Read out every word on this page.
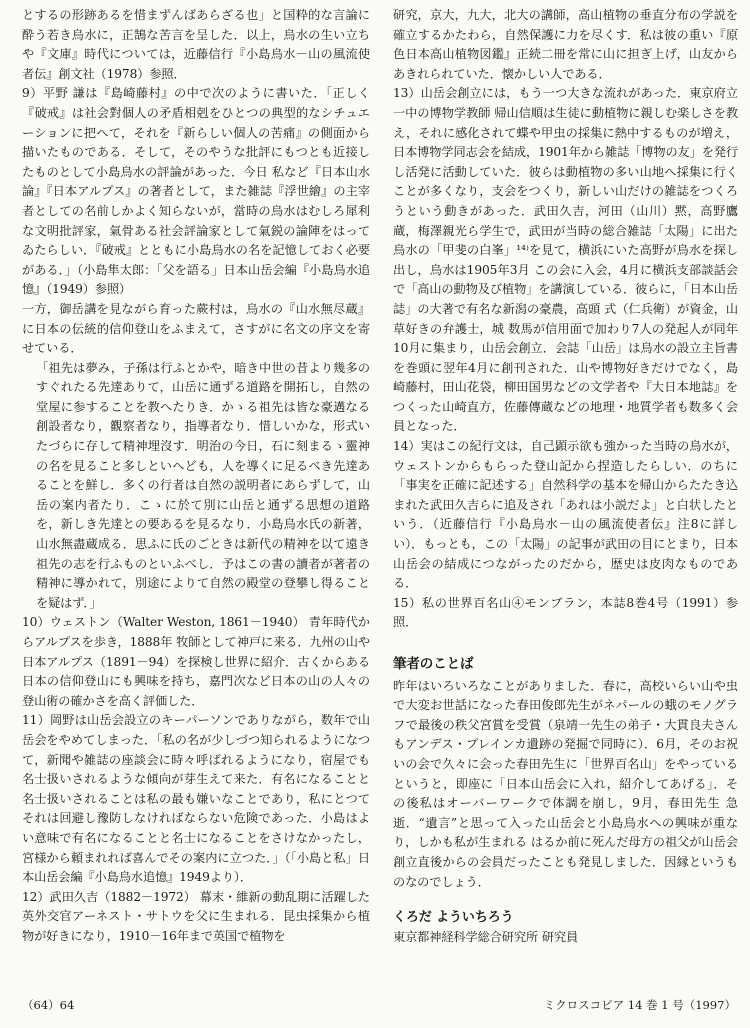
とするの形跡あるを惜まずんばあらざる也」と国粋的な言論に酔う若き烏水に，正鵠な苦言を呈した．以上，烏水の生い立ちや『文庫』時代については，近藤信行『小島烏水－山の風流使者伝』創文社（1978）参照．

9）平野 謙は『島崎藤村』の中で次のように書いた．「正しく『破戒』は社会對個人の矛盾相剋をひとつの典型的なシチュエーションに把へて，それを『新らしい個人の苦痛』の側面から描いたものである．そして，そのやうな批評にもつとも近接したものとして小島烏水の評論があった．今日 私など『日本山水論』『日本アルプス』の著者として，また雑誌『浮世繪』の主宰者としての名前しかよく知らないが，當時の烏水はむしろ犀利な文明批評家，氣骨ある社会評論家として氣鋭の論陣をはってゐたらしい．『破戒』とともに小島烏水の名を記憶しておく必要がある．」（小島隼太郎：「父を語る」日本山岳会編『小島烏水追憶』（1949）参照）

一方，御岳講を見ながら育った蕨村は，烏水の『山水無尽蔵』に日本の伝統的信仰登山をふまえて，さすがに名文の序文を寄せている．

「祖先は夢み，子孫は行ふとかや，暗き中世の昔より幾多のすぐれたる先達ありて，山岳に通ずる道路を開拓し，自然の堂屋に参することを教へたりき．かゝる祖先は皆な豪邁なる創設者なり，觀察者なり，指導者なり．惜しいかな，形式いたづらに存して精神埋沒す．明治の今日，石に刻まるゝ靈神の名を見ること多しといへども，人を導くに足るべき先達あることを鮮し．多くの行者は自然の説明者にあらずして，山岳の案内者たり．こゝに於て別に山岳と通ずる思想の道路を，新しき先達との要あるを見るなり．小島烏水氏の新著，山水無盡蔵成る．思ふに氏のごときは新代の精神を以て遠き祖先の志を行ふものといふべし．予はこの書の讀者が著者の精神に導かれて，別途によりて自然の殿堂の登攀し得ることを疑はず．」

10）ウェストン（Walter Weston, 1861－1940） 青年時代からアルプスを歩き，1888年 牧師として神戸に来る．九州の山や日本アルプス（1891－94）を探検し世界に紹介．古くからある日本の信仰登山にも興味を持ち，嘉門次など日本の山の人々の登山術の確かさを高く評価した．

11）岡野は山岳会設立のキーパーソンでありながら，数年で山岳会をやめてしまった．「私の名が少しづつ知られるようになつて，新聞や雑誌の座談会に時々呼ばれるようになり，宿屋でも名士扱いされるような傾向が芽生えて来た．有名になることと名士扱いされることは私の最も嫌いなことであり，私にとつてそれは回避し豫防しなければならない危険であった．小島はよい意味で有名になることと名士になることをさけなかったし，宮様から頼まれれば喜んでその案内に立つた．」（「小島と私」日本山岳会編『小島烏水追憶』1949より）．

12）武田久吉（1882－1972） 幕末・維新の動乱期に活躍した英外交官アーネスト・サトウを父に生まれる．昆虫採集から植物が好きになり，1910－16年まで英国で植物を

研究，京大，九大，北大の講師，高山植物の垂直分布の学説を確立するかたわら，自然保護に力を尽くす．私は彼の重い『原色日本高山植物図鑑』正続二冊を常に山に担ぎ上げ，山友からあきれられていた．懐かしい人である．

13）山岳会創立には，もう一つ大きな流れがあった．東京府立一中の博物学教師 帰山信順は生徒に動植物に親しむ楽しさを教え，それに感化されて蝶や甲虫の採集に熱中するものが増え，日本博物学同志会を結成，1901年から雑誌「博物の友」を発行し活発に活動していた．彼らは動植物の多い山地へ採集に行くことが多くなり，支会をつくり，新しい山だけの雑誌をつくろうという動きがあった．武田久吉，河田（山川）黙，高野鷹蔵，梅澤親光ら学生で，武田が当時の総合雑誌「太陽」に出た烏水の「甲斐の白峯」¹⁴⁾を見て，横浜にいた高野が烏水を探し出し，烏水は1905年3月 この会に入会，4月に横浜支部談話会で「高山の動物及び植物」を講演している．彼らに，「日本山岳誌」の大著で有名な新潟の豪農，高頭 式（仁兵衛）が資金，山草好きの弁護士，城 数馬が信用面で加わり7人の発起人が同年10月に集まり，山岳会創立．会誌「山岳」は烏水の設立主旨書を巻頭に翌年4月に創刊された．山や博物好きだけでなく，島崎藤村，田山花袋，柳田国男などの文学者や『大日本地誌』をつくった山崎直方，佐藤傳蔵などの地理・地質学者も数多く会員となった．

14）実はこの紀行文は，自己顕示欲も強かった当時の烏水が，ウェストンからもらった登山記から捏造したらしい．のちに「事実を正確に記述する」自然科学の基本を帰山からたたき込まれた武田久吉らに追及され「あれは小説だよ」と白状したという．（近藤信行『小島烏水－山の風流使者伝』注8に詳しい）．もっとも，この「太陽」の記事が武田の目にとまり，日本山岳会の結成につながったのだから，歴史は皮肉なものである．

15）私の世界百名山④モンブラン，本誌8巻4号（1991）参照．

筆者のことば

昨年はいろいろなことがありました．春に，高校いらい山や虫で大変お世話になった春田俊郎先生がネパールの蛾のモノグラフで最後の秩父宮賞を受賞（泉靖一先生の弟子・大貫良夫さんもアンデス・プレインカ遺跡の発掘で同時に）．6月，そのお祝いの会で久々に会った春田先生に「世界百名山」をやっているというと，即座に「日本山岳会に入れ，紹介してあげる」．その後私はオーバーワークで体調を崩し，9月，春田先生 急逝．“遺言”と思って入った山岳会と小島烏水への興味が重なり，しかも私が生まれる はるか前に死んだ母方の祖父が山岳会創立直後からの会員だったことも発見しました．因縁というものなのでしょう．

くろだ よういちろう

東京都神経科学総合研究所 研究員

（64）64	ミクロスコピア 14 巻 1 号（1997）
